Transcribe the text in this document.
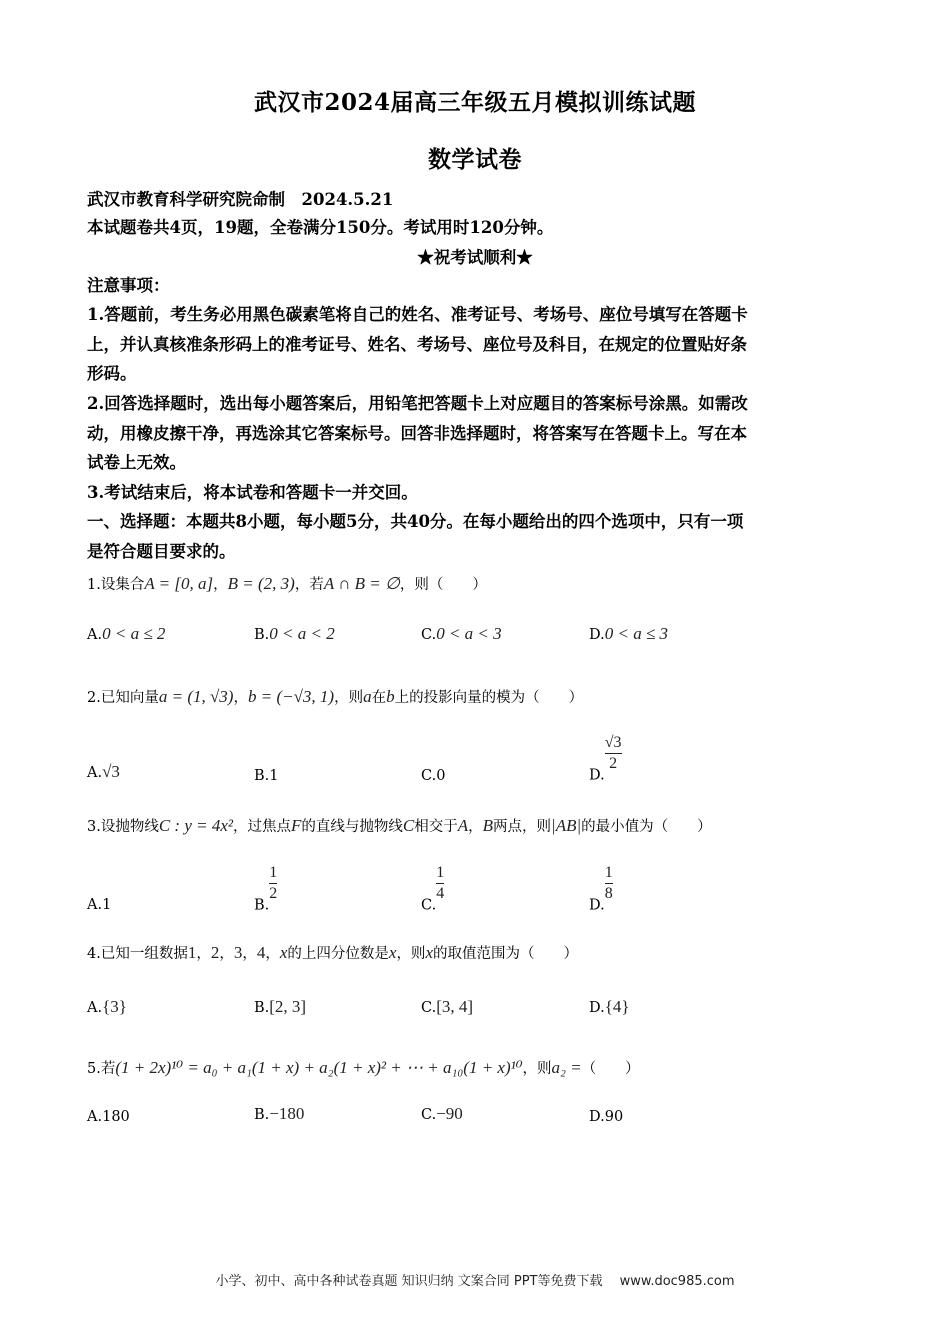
武汉市2024届高三年级五月模拟训练试题
数学试卷
武汉市教育科学研究院命制　2024.5.21
本试题卷共4页，19题，全卷满分150分。考试用时120分钟。
★祝考试顺利★
注意事项：
1.答题前，考生务必用黑色碳素笔将自己的姓名、准考证号、考场号、座位号填写在答题卡
上，并认真核准条形码上的准考证号、姓名、考场号、座位号及科目，在规定的位置贴好条
形码。
2.回答选择题时，选出每小题答案后，用铅笔把答题卡上对应题目的答案标号涂黑。如需改
动，用橡皮擦干净，再选涂其它答案标号。回答非选择题时，将答案写在答题卡上。写在本
试卷上无效。
3.考试结束后，将本试卷和答题卡一并交回。
一、选择题：本题共8小题，每小题5分，共40分。在每小题给出的四个选项中，只有一项
是符合题目要求的。
1.设集合A = [0, a]，B = (2, 3)，若A ∩ B = ∅，则（　　）
A.0 < a ≤ 2	B.0 < a < 2	C.0 < a < 3	D.0 < a ≤ 3
2.已知向量a = (1, √3)，b = (−√3, 1)，则a在b上的投影向量的模为（　　）
A.√3	B.1	C.0	D.
$\frac{√3}{2}$
3.设抛物线C : y = 4x²，过焦点F的直线与抛物线C相交于A，B两点，则|AB|的最小值为（　　）
A.1	B.
$\frac{1}{2}$
C.
$\frac{1}{4}$
D.
$\frac{1}{8}$
4.已知一组数据1，2，3，4，x的上四分位数是x，则x的取值范围为（　　）
A.{3}	B.[2, 3]	C.[3, 4]	D.{4}
5.若(1 + 2x)¹⁰ = a₀ + a₁(1 + x) + a₂(1 + x)² + ⋯ + a₁₀(1 + x)¹⁰，则a₂ =（　　）
A.180	B.−180	C.−90	D.90
小学、初中、高中各种试卷真题 知识归纳 文案合同 PPT等免费下载　 www.doc985.com
